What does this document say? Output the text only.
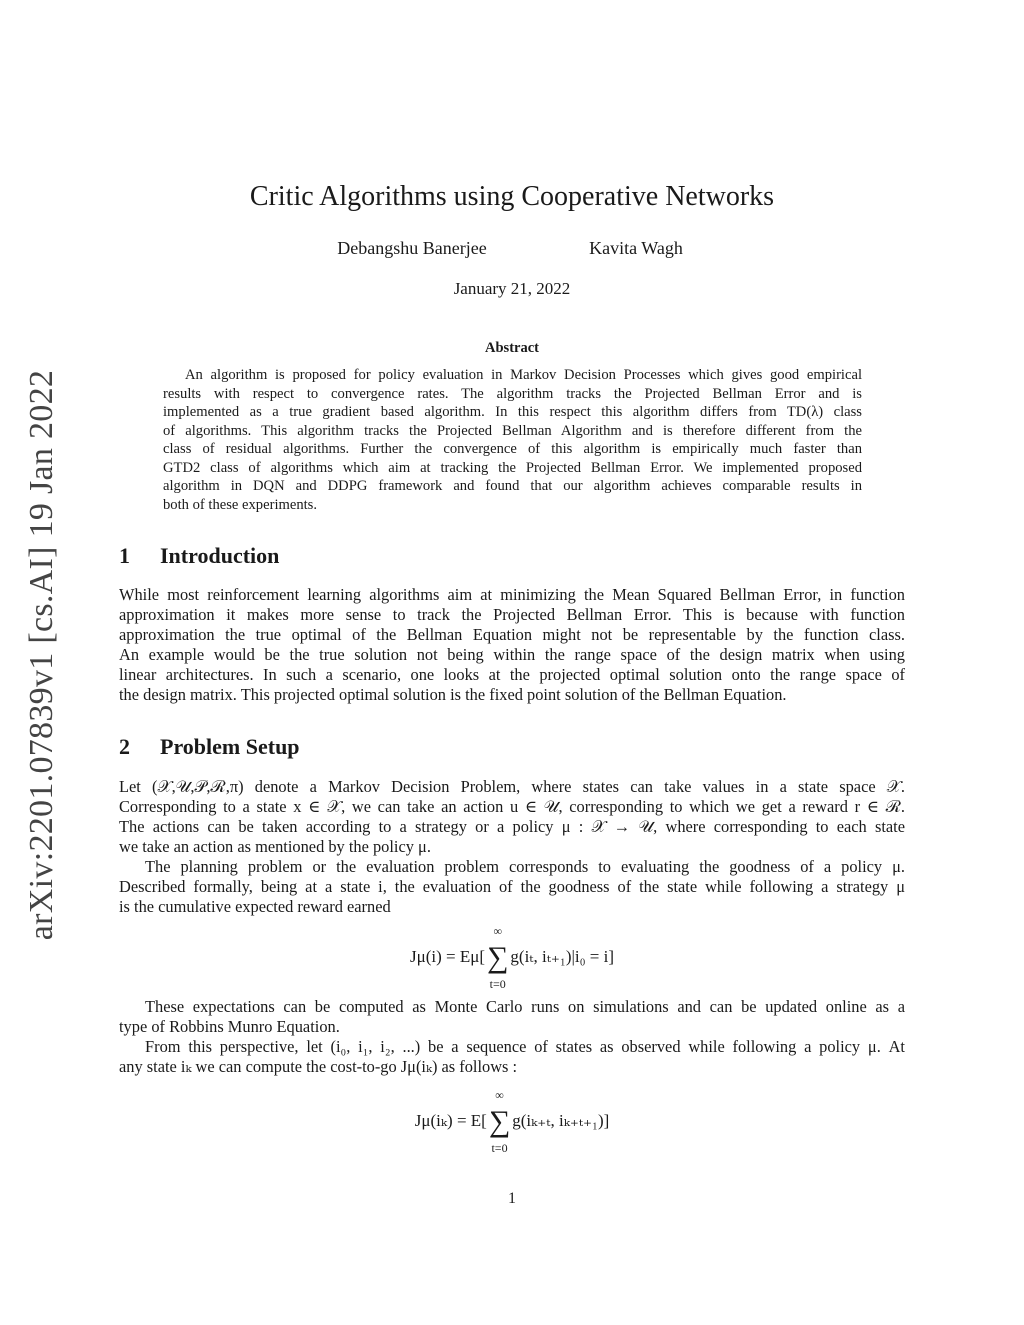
arXiv:2201.07839v1 [cs.AI] 19 Jan 2022
Critic Algorithms using Cooperative Networks
Debangshu Banerjee	Kavita Wagh
January 21, 2022
Abstract
An algorithm is proposed for policy evaluation in Markov Decision Processes which gives good empirical
results with respect to convergence rates. The algorithm tracks the Projected Bellman Error and is
implemented as a true gradient based algorithm. In this respect this algorithm differs from TD(λ) class
of algorithms. This algorithm tracks the Projected Bellman Algorithm and is therefore different from the
class of residual algorithms. Further the convergence of this algorithm is empirically much faster than
GTD2 class of algorithms which aim at tracking the Projected Bellman Error. We implemented proposed
algorithm in DQN and DDPG framework and found that our algorithm achieves comparable results in
both of these experiments.
1 Introduction
While most reinforcement learning algorithms aim at minimizing the Mean Squared Bellman Error, in function
approximation it makes more sense to track the Projected Bellman Error. This is because with function
approximation the true optimal of the Bellman Equation might not be representable by the function class.
An example would be the true solution not being within the range space of the design matrix when using
linear architectures. In such a scenario, one looks at the projected optimal solution onto the range space of
the design matrix. This projected optimal solution is the fixed point solution of the Bellman Equation.
2 Problem Setup
Let (𝒳,𝒰,𝒫,ℛ,π) denote a Markov Decision Problem, where states can take values in a state space 𝒳.
Corresponding to a state x ∈ 𝒳, we can take an action u ∈ 𝒰, corresponding to which we get a reward r ∈ ℛ.
The actions can be taken according to a strategy or a policy μ : 𝒳 → 𝒰, where corresponding to each state
we take an action as mentioned by the policy μ.
The planning problem or the evaluation problem corresponds to evaluating the goodness of a policy μ.
Described formally, being at a state i, the evaluation of the goodness of the state while following a strategy μ
is the cumulative expected reward earned
Jμ(i) = Eμ[
∞
∑
t=0
g(iₜ, iₜ₊₁)|i₀ = i]
These expectations can be computed as Monte Carlo runs on simulations and can be updated online as a
type of Robbins Munro Equation.
From this perspective, let (i₀, i₁, i₂, ...) be a sequence of states as observed while following a policy μ. At
any state iₖ we can compute the cost-to-go Jμ(iₖ) as follows :
Jμ(iₖ) = E[
∞
∑
t=0
g(iₖ₊ₜ, iₖ₊ₜ₊₁)]
1
